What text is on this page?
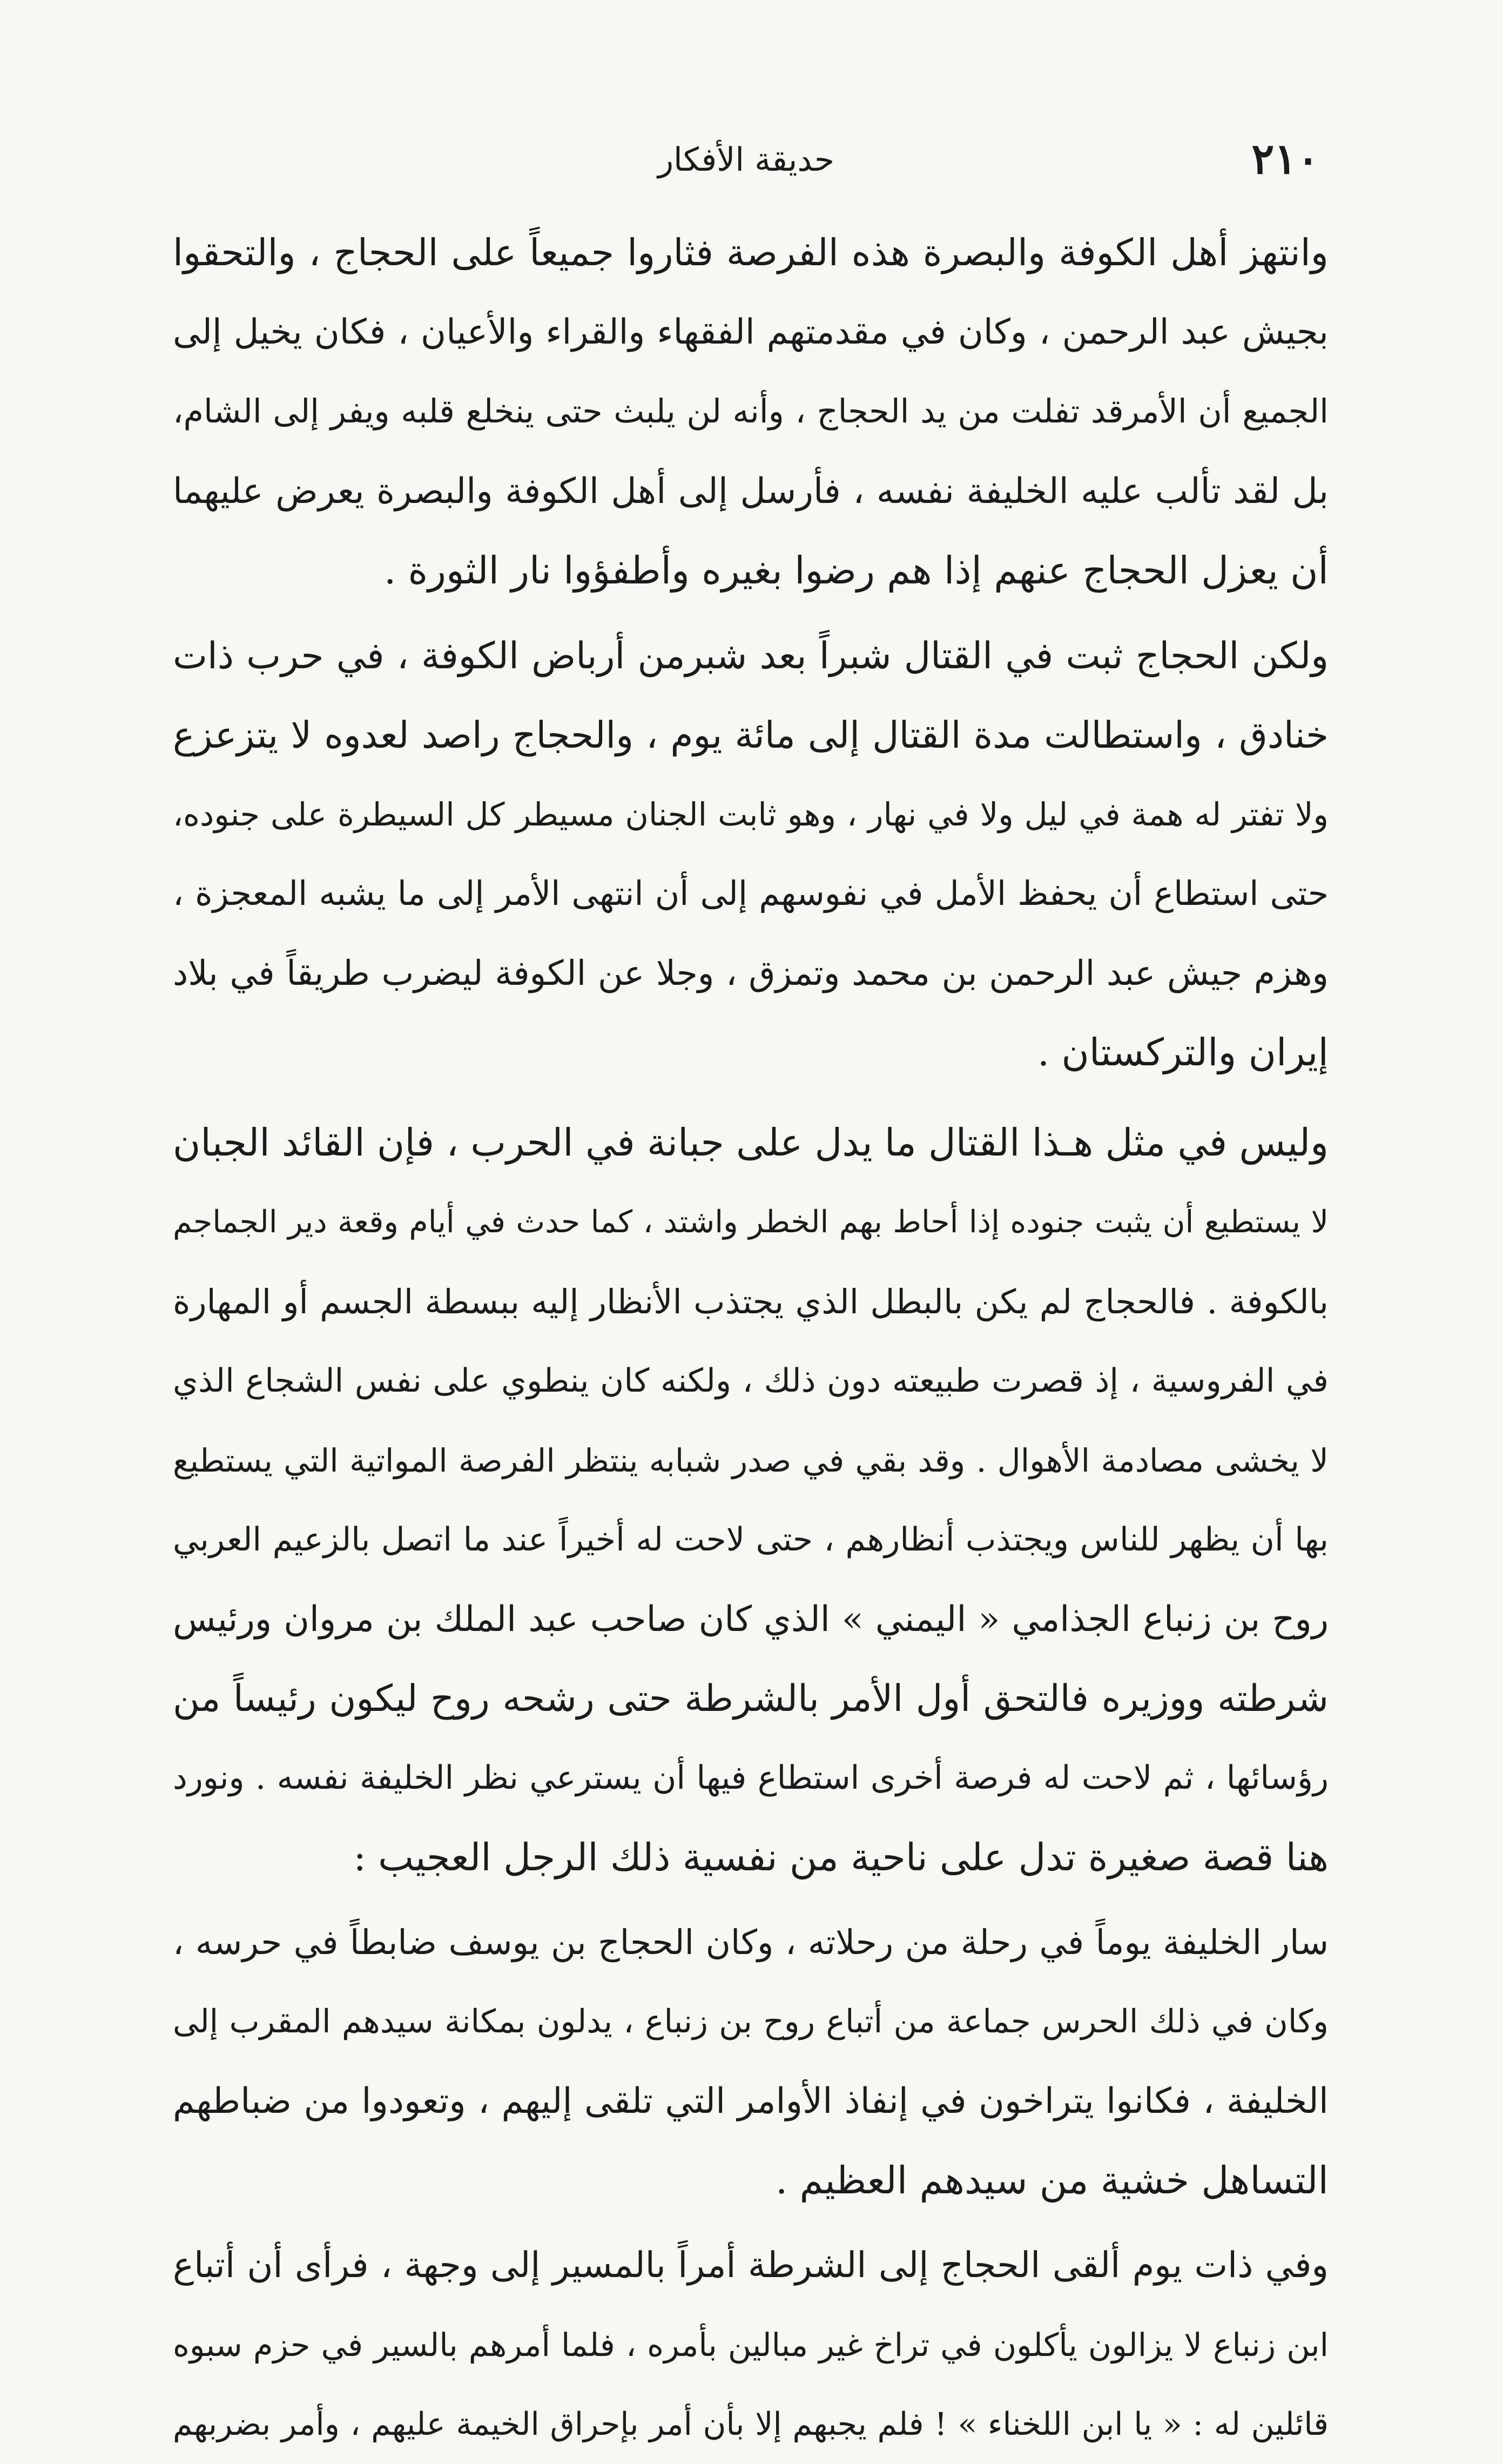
٢١٠
حديقة الأفكار

وانتهز أهل الكوفة والبصرة هذه الفرصة فثاروا جميعاً على الحجاج ، والتحقوا
بجيش عبد الرحمن ، وكان في مقدمتهم الفقهاء والقراء والأعيان ، فكان يخيل إلى
الجميع أن الأمرقد تفلت من يد الحجاج ، وأنه لن يلبث حتى ينخلع قلبه ويفر إلى الشام،
بل لقد تألب عليه الخليفة نفسه ، فأرسل إلى أهل الكوفة والبصرة يعرض عليهما
أن يعزل الحجاج عنهم إذا هم رضوا بغيره وأطفؤوا نار الثورة .

ولكن الحجاج ثبت في القتال شبراً بعد شبرمن أرباض الكوفة ، في حرب ذات
خنادق ، واستطالت مدة القتال إلى مائة يوم ، والحجاج راصد لعدوه لا يتزعزع
ولا تفتر له همة في ليل ولا في نهار ، وهو ثابت الجنان مسيطر كل السيطرة على جنوده،
حتى استطاع أن يحفظ الأمل في نفوسهم إلى أن انتهى الأمر إلى ما يشبه المعجزة ،
وهزم جيش عبد الرحمن بن محمد وتمزق ، وجلا عن الكوفة ليضرب طريقاً في بلاد
إيران والتركستان .

وليس في مثل هـذا القتال ما يدل على جبانة في الحرب ، فإن القائد الجبان
لا يستطيع أن يثبت جنوده إذا أحاط بهم الخطر واشتد ، كما حدث في أيام وقعة دير الجماجم
بالكوفة . فالحجاج لم يكن بالبطل الذي يجتذب الأنظار إليه ببسطة الجسم أو المهارة
في الفروسية ، إذ قصرت طبيعته دون ذلك ، ولكنه كان ينطوي على نفس الشجاع الذي
لا يخشى مصادمة الأهوال . وقد بقي في صدر شبابه ينتظر الفرصة المواتية التي يستطيع
بها أن يظهر للناس ويجتذب أنظارهم ، حتى لاحت له أخيراً عند ما اتصل بالزعيم العربي
روح بن زنباع الجذامي « اليمني » الذي كان صاحب عبد الملك بن مروان ورئيس
شرطته ووزيره فالتحق أول الأمر بالشرطة حتى رشحه روح ليكون رئيساً من
رؤسائها ، ثم لاحت له فرصة أخرى استطاع فيها أن يسترعي نظر الخليفة نفسه . ونورد
هنا قصة صغيرة تدل على ناحية من نفسية ذلك الرجل العجيب :

سار الخليفة يوماً في رحلة من رحلاته ، وكان الحجاج بن يوسف ضابطاً في حرسه ،
وكان في ذلك الحرس جماعة من أتباع روح بن زنباع ، يدلون بمكانة سيدهم المقرب إلى
الخليفة ، فكانوا يتراخون في إنفاذ الأوامر التي تلقى إليهم ، وتعودوا من ضباطهم
التساهل خشية من سيدهم العظيم .

وفي ذات يوم ألقى الحجاج إلى الشرطة أمراً بالمسير إلى وجهة ، فرأى أن أتباع
ابن زنباع لا يزالون يأكلون في تراخ غير مبالين بأمره ، فلما أمرهم بالسير في حزم سبوه
قائلين له : « يا ابن اللخناء » ! فلم يجبهم إلا بأن أمر بإحراق الخيمة عليهم ، وأمر بضربهم
